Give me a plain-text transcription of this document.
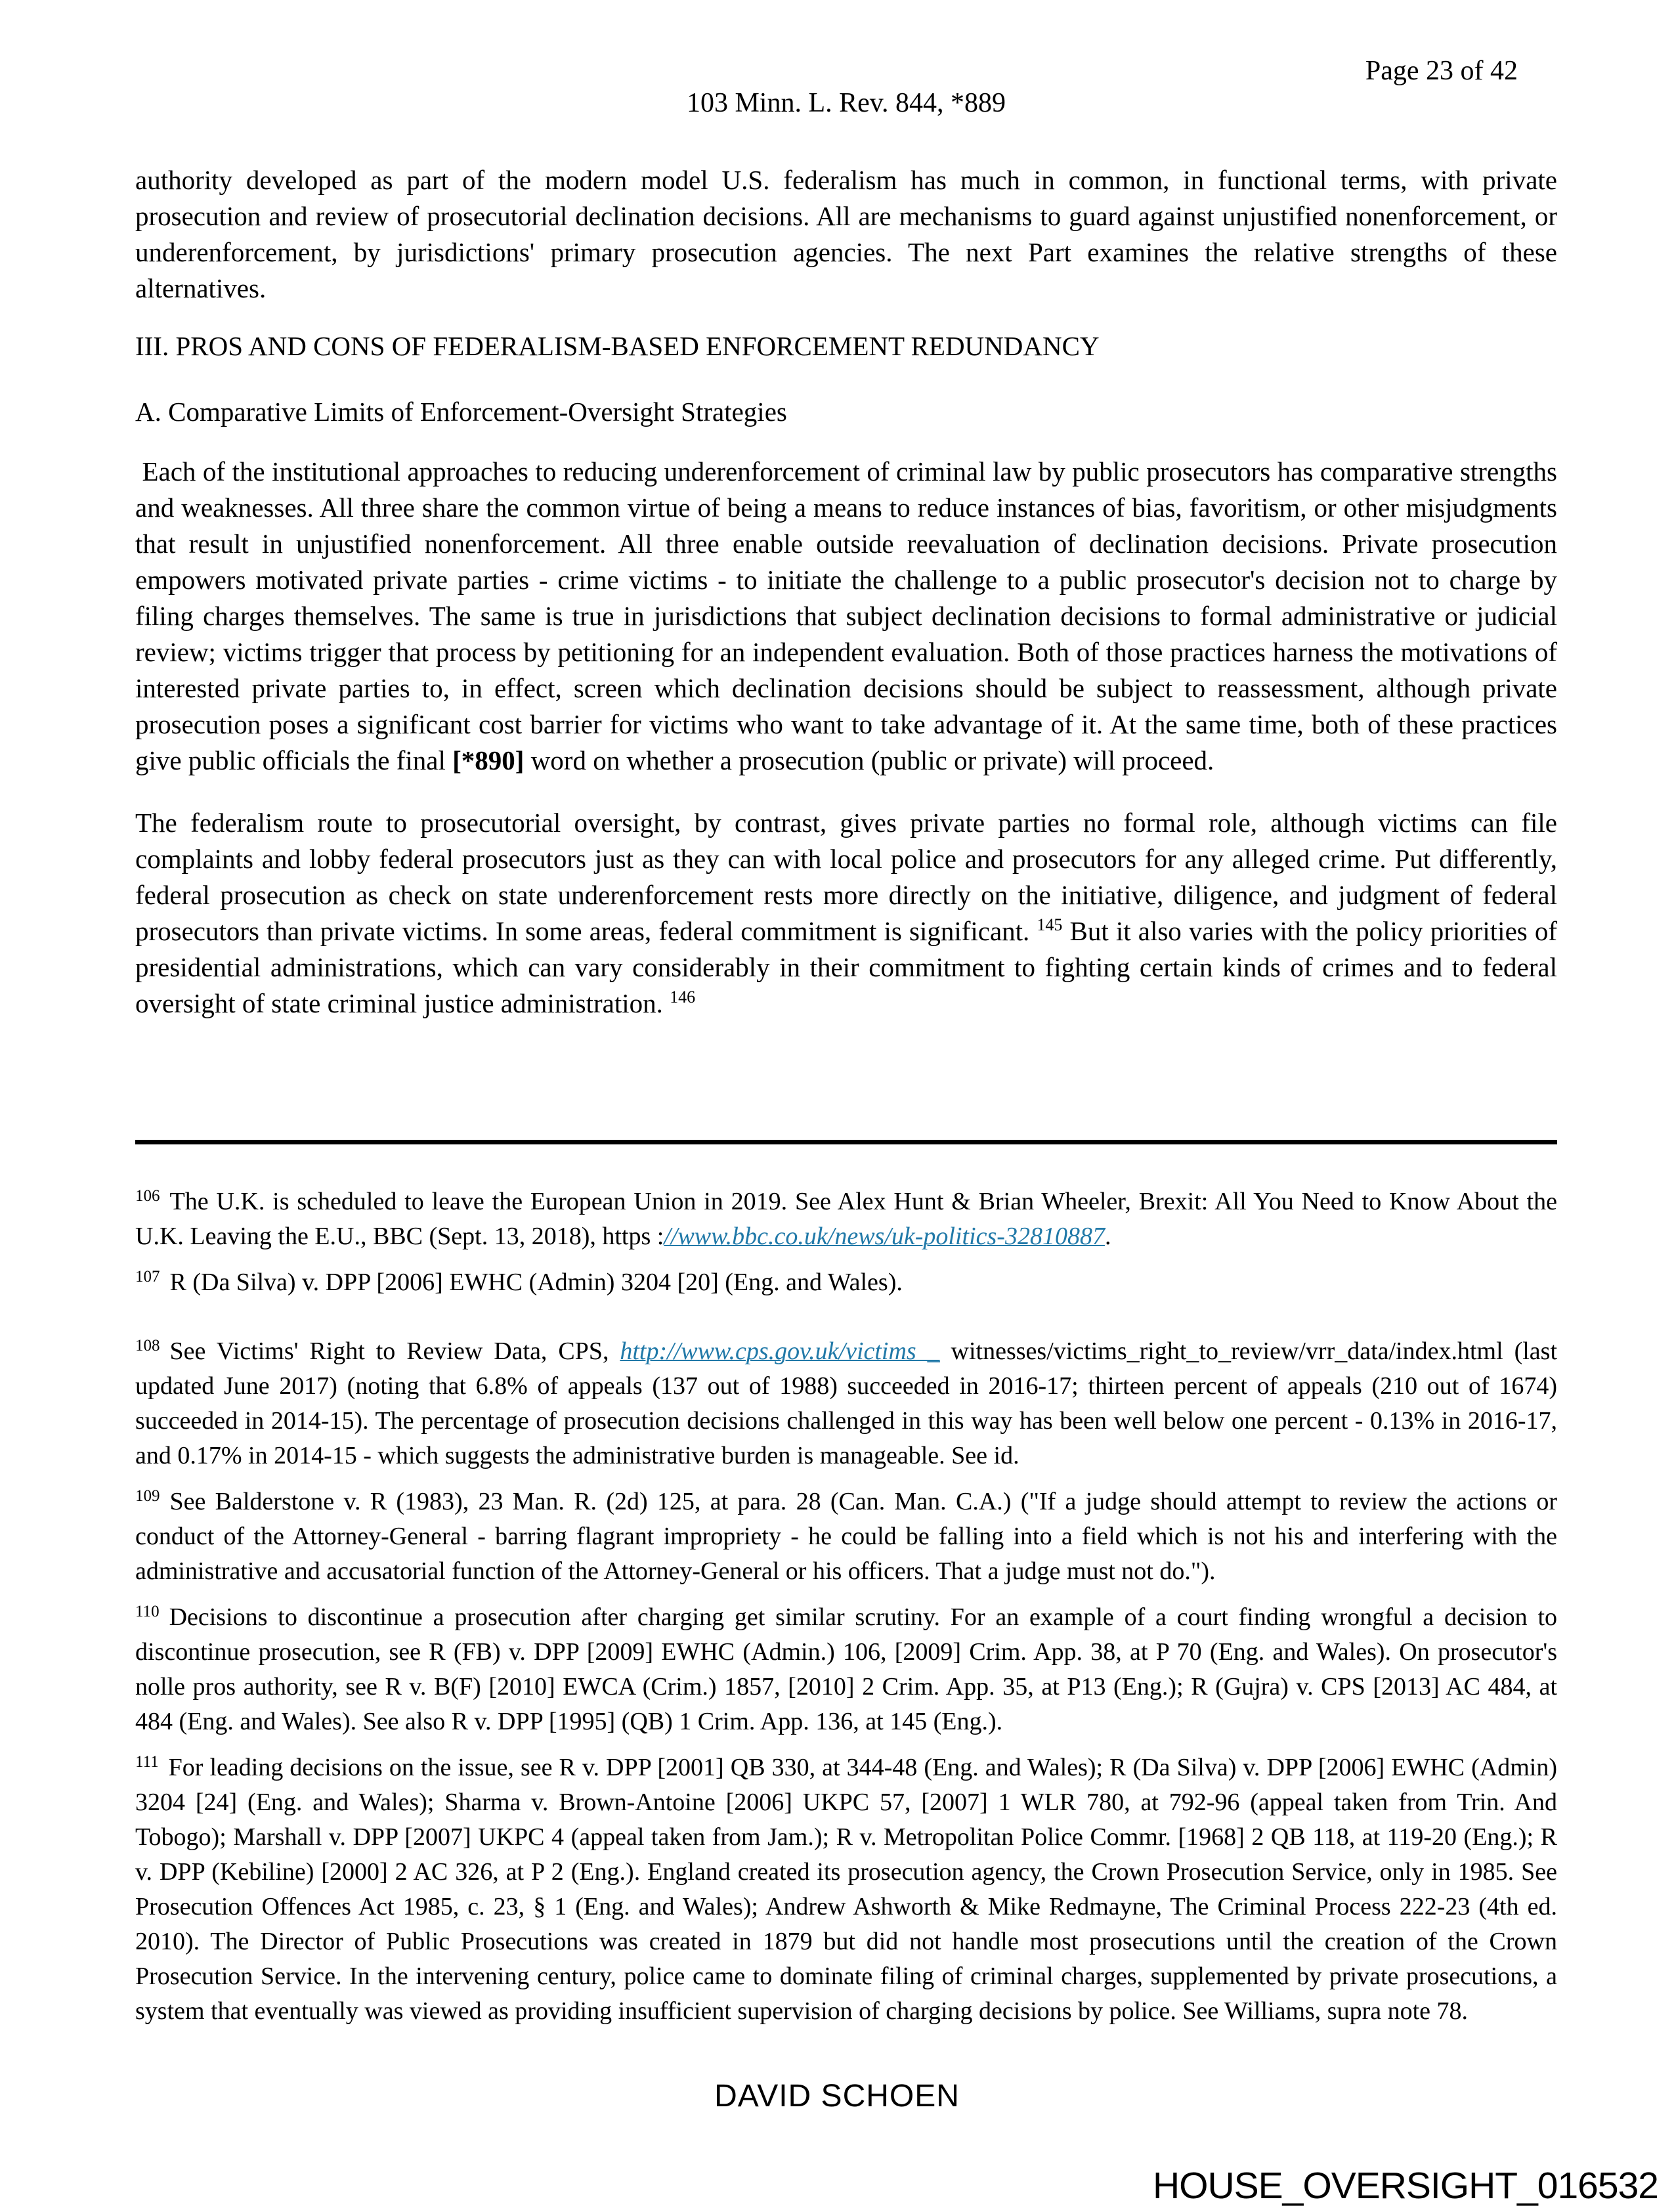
Page 23 of 42
103 Minn. L. Rev. 844, *889

authority developed as part of the modern model U.S. federalism has much in common, in functional terms, with private prosecution and review of prosecutorial declination decisions. All are mechanisms to guard against unjustified nonenforcement, or underenforcement, by jurisdictions' primary prosecution agencies. The next Part examines the relative strengths of these alternatives.

III. PROS AND CONS OF FEDERALISM-BASED ENFORCEMENT REDUNDANCY
A. Comparative Limits of Enforcement-Oversight Strategies

Each of the institutional approaches to reducing underenforcement of criminal law by public prosecutors has comparative strengths and weaknesses. All three share the common virtue of being a means to reduce instances of bias, favoritism, or other misjudgments that result in unjustified nonenforcement. All three enable outside reevaluation of declination decisions. Private prosecution empowers motivated private parties - crime victims - to initiate the challenge to a public prosecutor's decision not to charge by filing charges themselves. The same is true in jurisdictions that subject declination decisions to formal administrative or judicial review; victims trigger that process by petitioning for an independent evaluation. Both of those practices harness the motivations of interested private parties to, in effect, screen which declination decisions should be subject to reassessment, although private prosecution poses a significant cost barrier for victims who want to take advantage of it. At the same time, both of these practices give public officials the final [*890] word on whether a prosecution (public or private) will proceed.

The federalism route to prosecutorial oversight, by contrast, gives private parties no formal role, although victims can file complaints and lobby federal prosecutors just as they can with local police and prosecutors for any alleged crime. Put differently, federal prosecution as check on state underenforcement rests more directly on the initiative, diligence, and judgment of federal prosecutors than private victims. In some areas, federal commitment is significant. $^{145}$ But it also varies with the policy priorities of presidential administrations, which can vary considerably in their commitment to fighting certain kinds of crimes and to federal oversight of state criminal justice administration. $^{146}$

$^{106}$ The U.K. is scheduled to leave the European Union in 2019. See Alex Hunt & Brian Wheeler, Brexit: All You Need to Know About the U.K. Leaving the E.U., BBC (Sept. 13, 2018), https ://www.bbc.co.uk/news/uk-politics-32810887.
$^{107}$ R (Da Silva) v. DPP [2006] EWHC (Admin) 3204 [20] (Eng. and Wales).
$^{108}$ See Victims' Right to Review Data, CPS, http://www.cps.gov.uk/victims _ witnesses/victims_right_to_review/vrr_data/index.html (last updated June 2017) (noting that 6.8% of appeals (137 out of 1988) succeeded in 2016-17; thirteen percent of appeals (210 out of 1674) succeeded in 2014-15). The percentage of prosecution decisions challenged in this way has been well below one percent - 0.13% in 2016-17, and 0.17% in 2014-15 - which suggests the administrative burden is manageable. See id.
$^{109}$ See Balderstone v. R (1983), 23 Man. R. (2d) 125, at para. 28 (Can. Man. C.A.) ("If a judge should attempt to review the actions or conduct of the Attorney-General - barring flagrant impropriety - he could be falling into a field which is not his and interfering with the administrative and accusatorial function of the Attorney-General or his officers. That a judge must not do.").
$^{110}$ Decisions to discontinue a prosecution after charging get similar scrutiny. For an example of a court finding wrongful a decision to discontinue prosecution, see R (FB) v. DPP [2009] EWHC (Admin.) 106, [2009] Crim. App. 38, at P 70 (Eng. and Wales). On prosecutor's nolle pros authority, see R v. B(F) [2010] EWCA (Crim.) 1857, [2010] 2 Crim. App. 35, at P13 (Eng.); R (Gujra) v. CPS [2013] AC 484, at 484 (Eng. and Wales). See also R v. DPP [1995] (QB) 1 Crim. App. 136, at 145 (Eng.).
$^{111}$ For leading decisions on the issue, see R v. DPP [2001] QB 330, at 344-48 (Eng. and Wales); R (Da Silva) v. DPP [2006] EWHC (Admin) 3204 [24] (Eng. and Wales); Sharma v. Brown-Antoine [2006] UKPC 57, [2007] 1 WLR 780, at 792-96 (appeal taken from Trin. And Tobogo); Marshall v. DPP [2007] UKPC 4 (appeal taken from Jam.); R v. Metropolitan Police Commr. [1968] 2 QB 118, at 119-20 (Eng.); R v. DPP (Kebiline) [2000] 2 AC 326, at P 2 (Eng.). England created its prosecution agency, the Crown Prosecution Service, only in 1985. See Prosecution Offences Act 1985, c. 23, § 1 (Eng. and Wales); Andrew Ashworth & Mike Redmayne, The Criminal Process 222-23 (4th ed. 2010). The Director of Public Prosecutions was created in 1879 but did not handle most prosecutions until the creation of the Crown Prosecution Service. In the intervening century, police came to dominate filing of criminal charges, supplemented by private prosecutions, a system that eventually was viewed as providing insufficient supervision of charging decisions by police. See Williams, supra note 78.
DAVID SCHOEN
HOUSE_OVERSIGHT_016532
